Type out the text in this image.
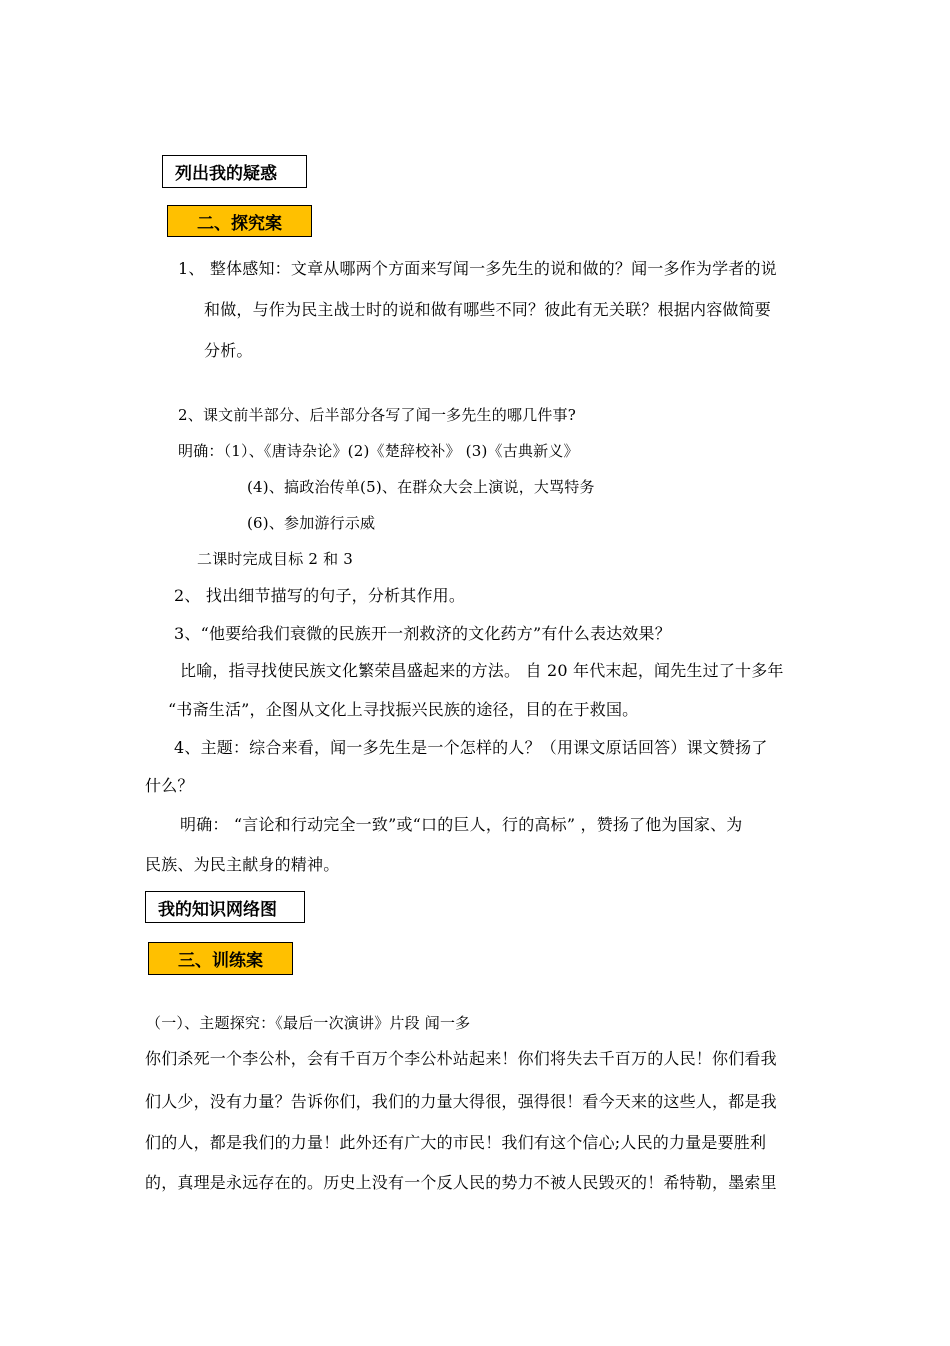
列出我的疑惑
二、探究案
1、 整体感知：文章从哪两个方面来写闻一多先生的说和做的？闻一多作为学者的说
和做，与作为民主战士时的说和做有哪些不同？彼此有无关联？根据内容做简要
分析。
2、课文前半部分、后半部分各写了闻一多先生的哪几件事?
明确：（1）、《唐诗杂论》(2)《楚辞校补》 (3)《古典新义》
(4)、搞政治传单(5)、在群众大会上演说，大骂特务
(6)、参加游行示威
二课时完成目标 2 和 3
2、 找出细节描写的句子，分析其作用。
3、“他要给我们衰微的民族开一剂救济的文化药方”有什么表达效果？
比喻，指寻找使民族文化繁荣昌盛起来的方法。 自 20 年代末起，闻先生过了十多年
“书斋生活”，企图从文化上寻找振兴民族的途径，目的在于救国。
4、主题：综合来看，闻一多先生是一个怎样的人？（用课文原话回答）课文赞扬了
什么？
明确： “言论和行动完全一致”或“口的巨人，行的高标” ，赞扬了他为国家、为
民族、为民主献身的精神。
我的知识网络图
三、训练案
（一）、主题探究：《最后一次演讲》片段 闻一多
你们杀死一个李公朴，会有千百万个李公朴站起来！你们将失去千百万的人民！你们看我
们人少，没有力量？告诉你们，我们的力量大得很，强得很！看今天来的这些人，都是我
们的人，都是我们的力量！此外还有广大的市民！我们有这个信心;人民的力量是要胜利
的，真理是永远存在的。历史上没有一个反人民的势力不被人民毁灭的！希特勒，墨索里
